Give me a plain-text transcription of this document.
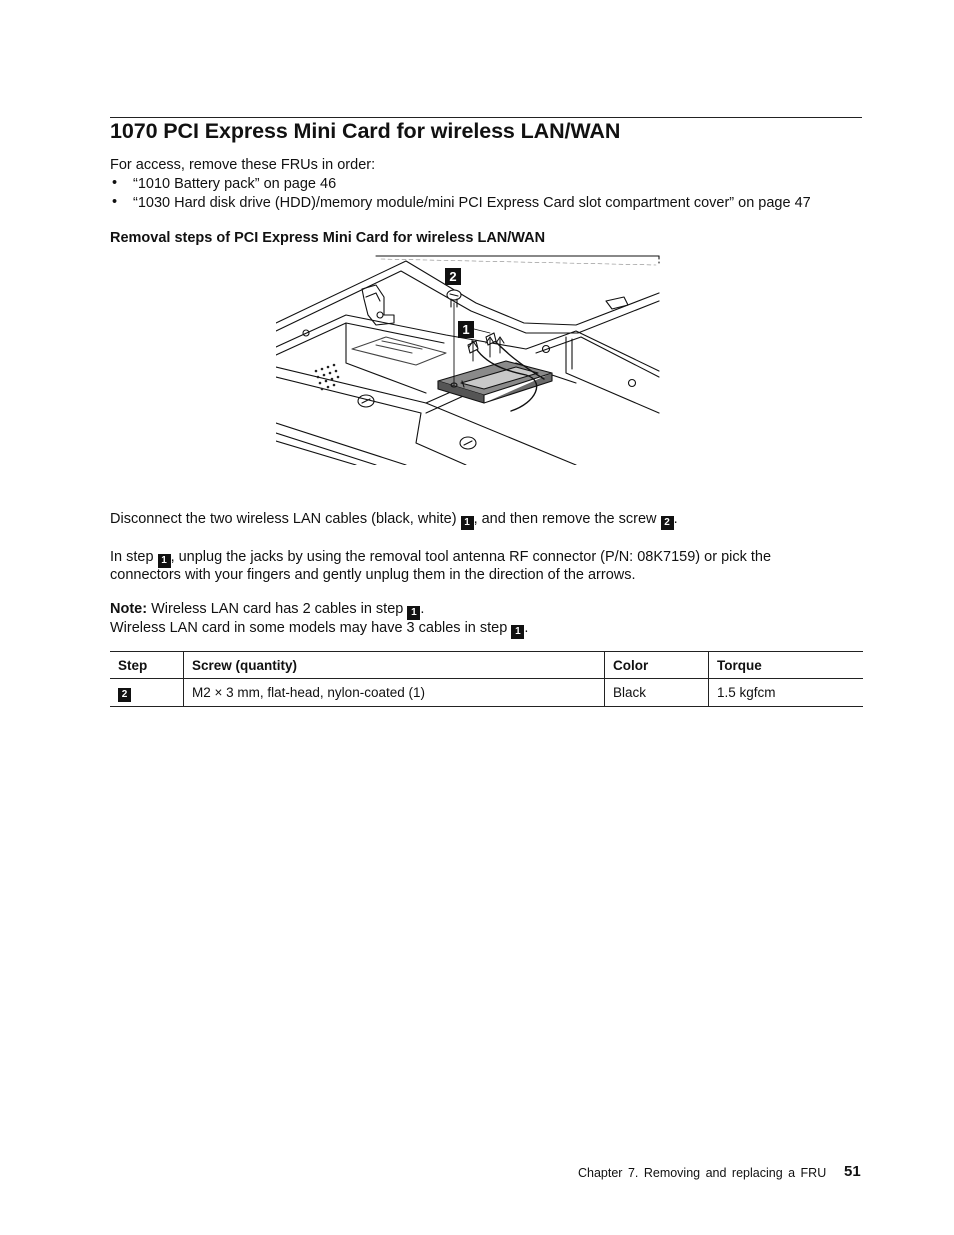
1070 PCI Express Mini Card for wireless LAN/WAN
For access, remove these FRUs in order:
• “1010 Battery pack” on page 46
• “1030 Hard disk drive (HDD)/memory module/mini PCI Express Card slot compartment cover” on page 47
Removal steps of PCI Express Mini Card for wireless LAN/WAN
2
1
Disconnect the two wireless LAN cables (black, white) 1 , and then remove the screw 2 .
In step 1 , unplug the jacks by using the removal tool antenna RF connector (P/N: 08K7159) or pick the
connectors with your fingers and gently unplug them in the direction of the arrows.
Note: Wireless LAN card has 2 cables in step 1 .
Wireless LAN card in some models may have 3 cables in step 1 .
Step	Screw (quantity)	Color	Torque
2	M2 × 3 mm, flat-head, nylon-coated (1)	Black	1.5 kgfcm
Chapter 7. Removing and replacing a FRU 51
